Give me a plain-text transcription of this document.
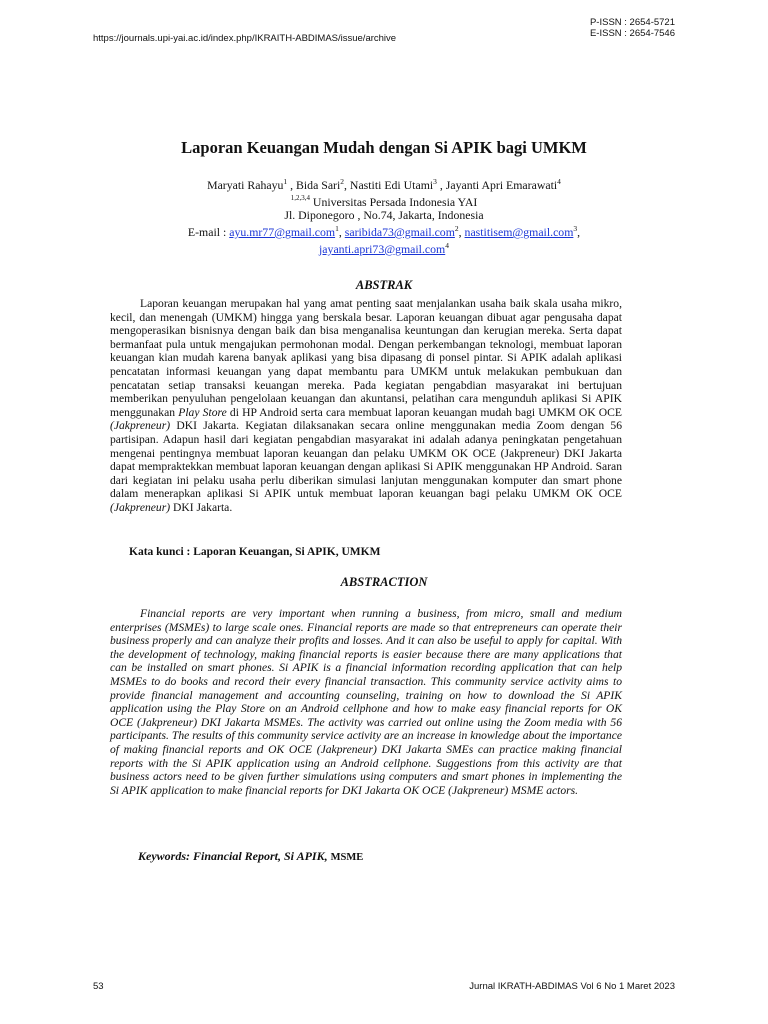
P-ISSN : 2654-5721
E-ISSN : 2654-7546
https://journals.upi-yai.ac.id/index.php/IKRAITH-ABDIMAS/issue/archive
Laporan Keuangan Mudah dengan Si APIK bagi UMKM
Maryati Rahayu$^1$ , Bida Sari$^2$, Nastiti Edi Utami$^3$ , Jayanti Apri Emarawati$^4$
$^{1,2,3,4}$ Universitas Persada Indonesia YAI
Jl. Diponegoro , No.74, Jakarta, Indonesia
E-mail : ayu.mr77@gmail.com$^1$, saribida73@gmail.com$^2$, nastitisem@gmail.com$^3$,
jayanti.apri73@gmail.com$^4$
ABSTRAK

Laporan keuangan merupakan hal yang amat penting saat menjalankan usaha baik skala usaha mikro, kecil, dan menengah (UMKM) hingga yang berskala besar. Laporan keuangan dibuat agar pengusaha dapat mengoperasikan bisnisnya dengan baik dan bisa menganalisa keuntungan dan kerugian mereka. Serta dapat bermanfaat pula untuk mengajukan permohonan modal. Dengan perkembangan teknologi, membuat laporan keuangan kian mudah karena banyak aplikasi yang bisa dipasang di ponsel pintar. Si APIK adalah aplikasi pencatatan informasi keuangan yang dapat membantu para UMKM untuk melakukan pembukuan dan pencatatan setiap transaksi keuangan mereka. Pada kegiatan pengabdian masyarakat ini bertujuan memberikan penyuluhan pengelolaan keuangan dan akuntansi, pelatihan cara mengunduh aplikasi Si APIK menggunakan Play Store di HP Android serta cara membuat laporan keuangan mudah bagi UMKM OK OCE (Jakpreneur) DKI Jakarta. Kegiatan dilaksanakan secara online menggunakan media Zoom dengan 56 partisipan. Adapun hasil dari kegiatan pengabdian masyarakat ini adalah adanya peningkatan pengetahuan mengenai pentingnya membuat laporan keuangan dan pelaku UMKM OK OCE (Jakpreneur) DKI Jakarta dapat mempraktekkan membuat laporan keuangan dengan aplikasi Si APIK menggunakan HP Android. Saran dari kegiatan ini pelaku usaha perlu diberikan simulasi lanjutan menggunakan komputer dan smart phone dalam menerapkan aplikasi Si APIK untuk membuat laporan keuangan bagi pelaku UMKM OK OCE (Jakpreneur) DKI Jakarta.

Kata kunci : Laporan Keuangan, Si APIK, UMKM
ABSTRACTION

Financial reports are very important when running a business, from micro, small and medium enterprises (MSMEs) to large scale ones. Financial reports are made so that entrepreneurs can operate their business properly and can analyze their profits and losses. And it can also be useful to apply for capital. With the development of technology, making financial reports is easier because there are many applications that can be installed on smart phones. Si APIK is a financial information recording application that can help MSMEs to do books and record their every financial transaction. This community service activity aims to provide financial management and accounting counseling, training on how to download the Si APIK application using the Play Store on an Android cellphone and how to make easy financial reports for OK OCE (Jakpreneur) DKI Jakarta MSMEs. The activity was carried out online using the Zoom media with 56 participants. The results of this community service activity are an increase in knowledge about the importance of making financial reports and OK OCE (Jakpreneur) DKI Jakarta SMEs can practice making financial reports with the Si APIK application using an Android cellphone. Suggestions from this activity are that business actors need to be given further simulations using computers and smart phones in implementing the Si APIK application to make financial reports for DKI Jakarta OK OCE (Jakpreneur) MSME actors.

Keywords: Financial Report, Si APIK, MSME
53	Jurnal IKRATH-ABDIMAS Vol 6 No 1 Maret 2023
